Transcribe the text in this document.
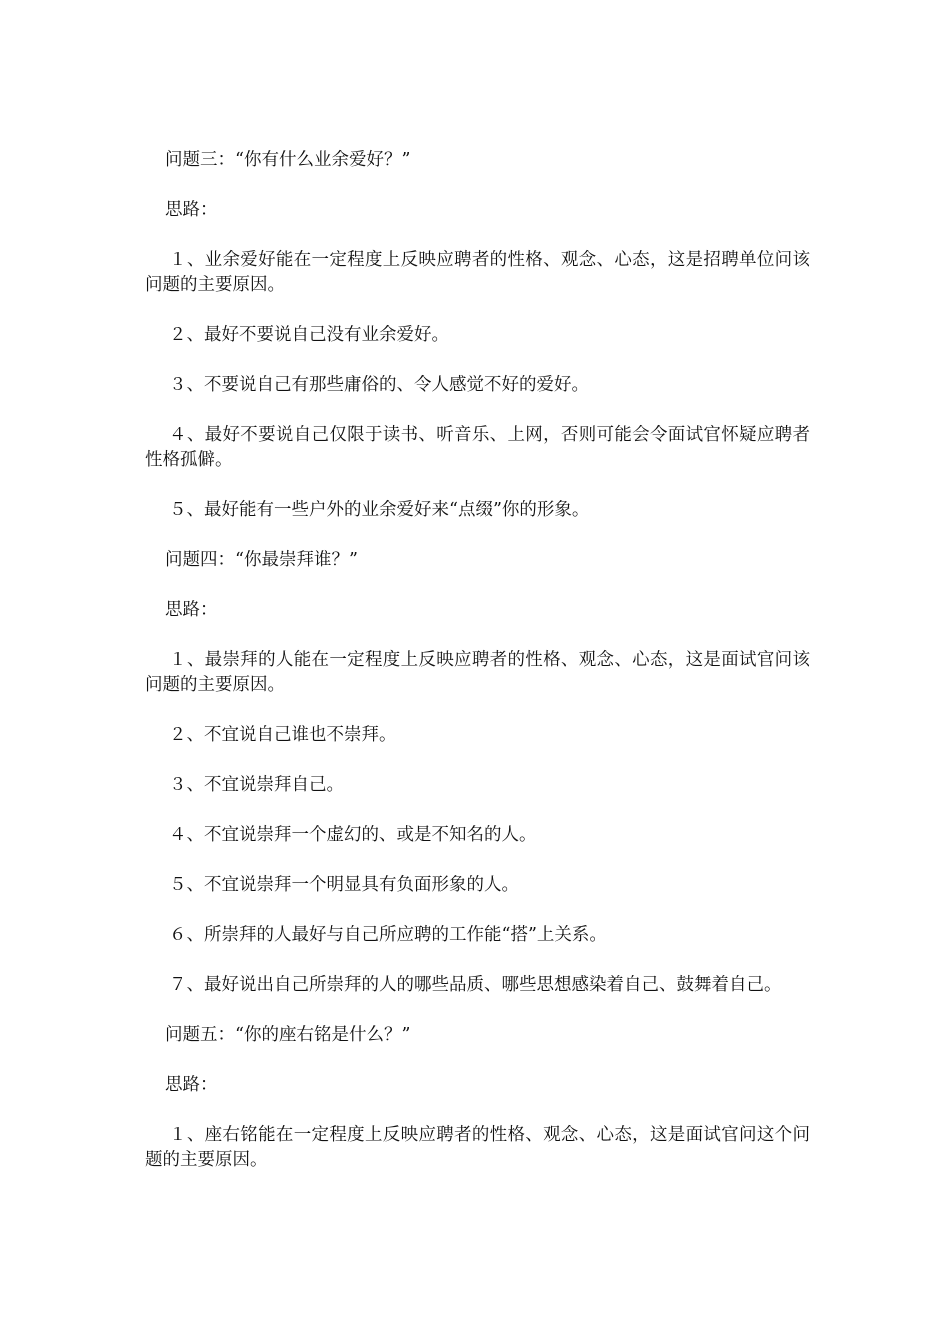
问题三：“你有什么业余爱好？”

思路：

１、业余爱好能在一定程度上反映应聘者的性格、观念、心态，这是招聘单位问该问题的主要原因。

２、最好不要说自己没有业余爱好。

３、不要说自己有那些庸俗的、令人感觉不好的爱好。

４、最好不要说自己仅限于读书、听音乐、上网，否则可能会令面试官怀疑应聘者性格孤僻。

５、最好能有一些户外的业余爱好来“点缀”你的形象。

问题四：“你最崇拜谁？”

思路：

１、最崇拜的人能在一定程度上反映应聘者的性格、观念、心态，这是面试官问该问题的主要原因。

２、不宜说自己谁也不崇拜。

３、不宜说崇拜自己。

４、不宜说崇拜一个虚幻的、或是不知名的人。

５、不宜说崇拜一个明显具有负面形象的人。

６、所崇拜的人最好与自己所应聘的工作能“搭”上关系。

７、最好说出自己所崇拜的人的哪些品质、哪些思想感染着自己、鼓舞着自己。

问题五：“你的座右铭是什么？”

思路：

１、座右铭能在一定程度上反映应聘者的性格、观念、心态，这是面试官问这个问题的主要原因。
